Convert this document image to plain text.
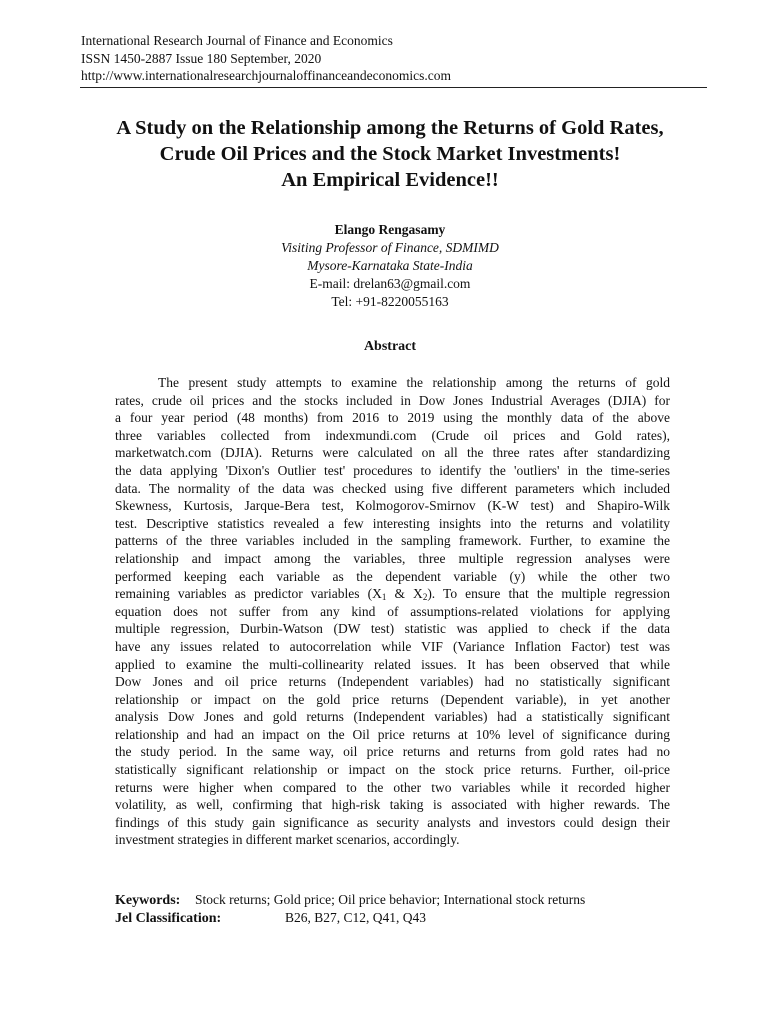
International Research Journal of Finance and Economics
ISSN 1450-2887 Issue 180 September, 2020
http://www.internationalresearchjournaloffinanceandeconomics.com
A Study on the Relationship among the Returns of Gold Rates,
Crude Oil Prices and the Stock Market Investments!
An Empirical Evidence!!
Elango Rengasamy
Visiting Professor of Finance, SDMIMD
Mysore-Karnataka State-India
E-mail: drelan63@gmail.com
Tel: +91-8220055163
Abstract
The present study attempts to examine the relationship among the returns of gold
rates, crude oil prices and the stocks included in Dow Jones Industrial Averages (DJIA) for
a four year period (48 months) from 2016 to 2019 using the monthly data of the above
three variables collected from indexmundi.com (Crude oil prices and Gold rates),
marketwatch.com (DJIA). Returns were calculated on all the three rates after standardizing
the data applying 'Dixon's Outlier test' procedures to identify the 'outliers' in the time-series
data. The normality of the data was checked using five different parameters which included
Skewness, Kurtosis, Jarque-Bera test, Kolmogorov-Smirnov (K-W test) and Shapiro-Wilk
test. Descriptive statistics revealed a few interesting insights into the returns and volatility
patterns of the three variables included in the sampling framework. Further, to examine the
relationship and impact among the variables, three multiple regression analyses were
performed keeping each variable as the dependent variable (y) while the other two
remaining variables as predictor variables ($X_1$ & $X_2$). To ensure that the multiple regression
equation does not suffer from any kind of assumptions-related violations for applying
multiple regression, Durbin-Watson (DW test) statistic was applied to check if the data
have any issues related to autocorrelation while VIF (Variance Inflation Factor) test was
applied to examine the multi-collinearity related issues. It has been observed that while
Dow Jones and oil price returns (Independent variables) had no statistically significant
relationship or impact on the gold price returns (Dependent variable), in yet another
analysis Dow Jones and gold returns (Independent variables) had a statistically significant
relationship and had an impact on the Oil price returns at 10% level of significance during
the study period. In the same way, oil price returns and returns from gold rates had no
statistically significant relationship or impact on the stock price returns. Further, oil-price
returns were higher when compared to the other two variables while it recorded higher
volatility, as well, confirming that high-risk taking is associated with higher rewards. The
findings of this study gain significance as security analysts and investors could design their
investment strategies in different market scenarios, accordingly.
Keywords: Stock returns; Gold price; Oil price behavior; International stock returns
Jel Classification:	B26, B27, C12, Q41, Q43
